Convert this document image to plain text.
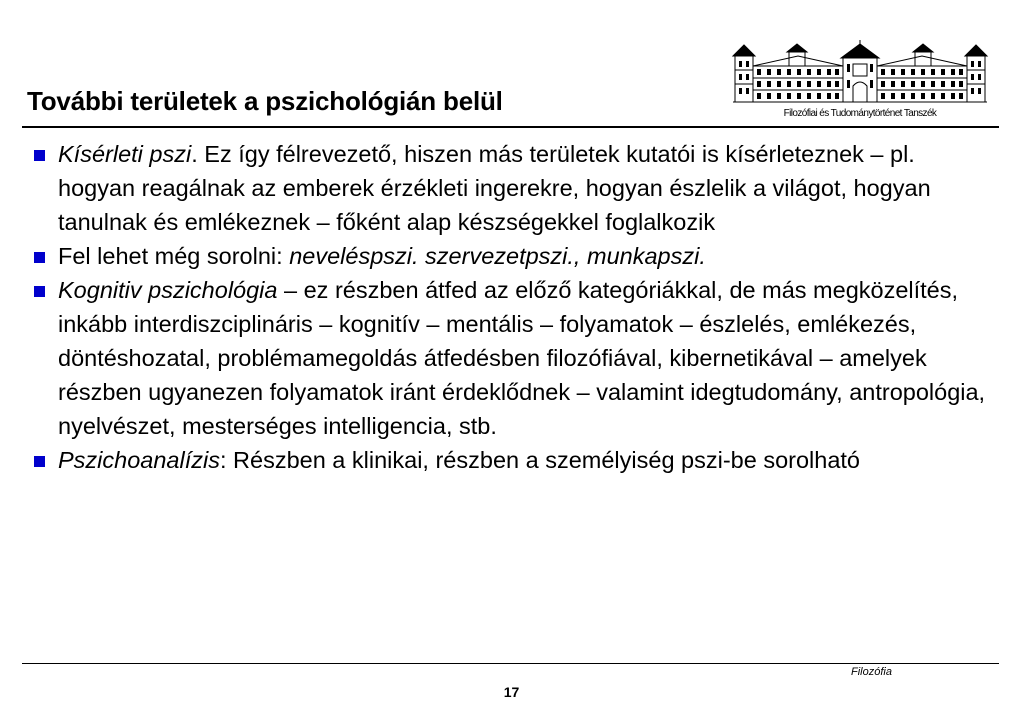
További területek a pszichológián belül	Filozófiai és Tudománytörténet Tanszék
Kísérleti pszi. Ez így félrevezető, hiszen más területek kutatói is kísérleteznek – pl. hogyan reagálnak az emberek érzékleti ingerekre, hogyan észlelik a világot, hogyan tanulnak és emlékeznek – főként alap készségekkel foglalkozik
Fel lehet még sorolni: neveléspszi. szervezetpszi., munkapszi.
Kognitiv pszichológia – ez részben átfed az előző kategóriákkal, de más megközelítés, inkább interdiszciplináris – kognitív – mentális – folyamatok – észlelés, emlékezés, döntéshozatal, problémamegoldás átfedésben filozófiával, kibernetikával – amelyek részben ugyanezen folyamatok iránt érdeklődnek – valamint idegtudomány, antropológia, nyelvészet, mesterséges intelligencia, stb.
Pszichoanalízis: Részben a klinikai, részben a személyiség pszi-be sorolható
Filozófia
17
